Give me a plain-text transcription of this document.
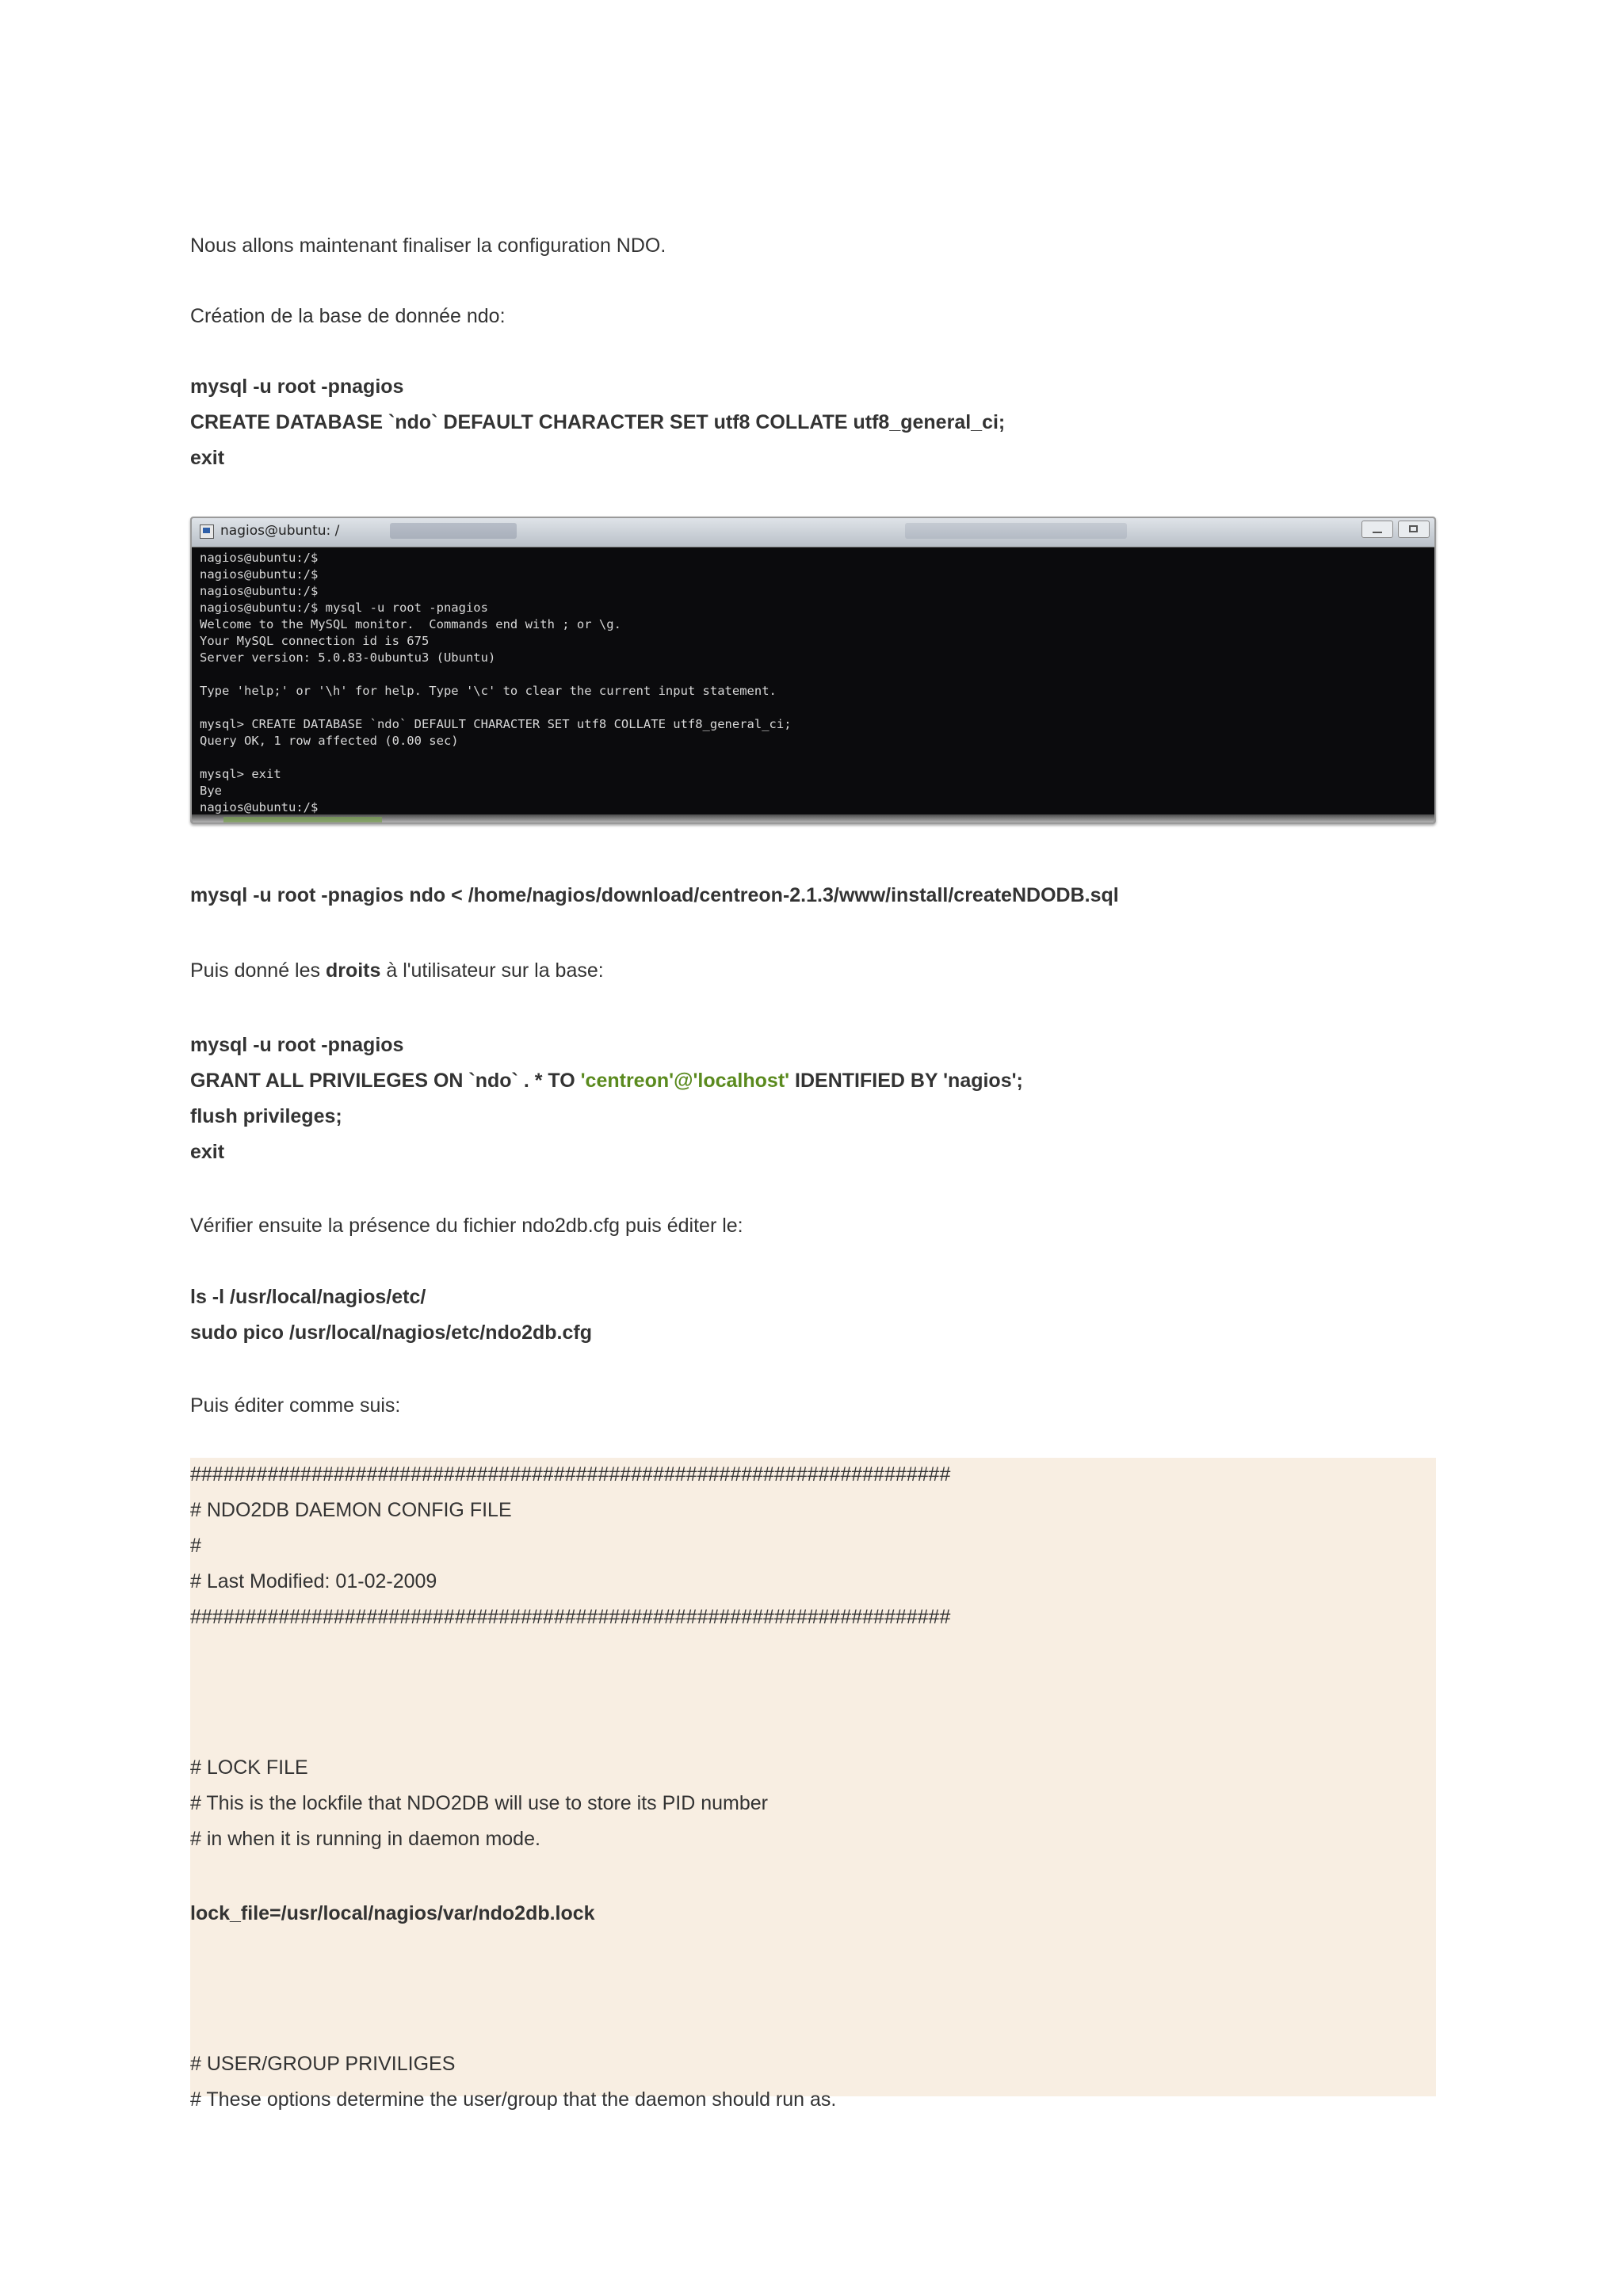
Nous allons maintenant finaliser la configuration NDO.
Création de la base de donnée ndo:
mysql -u root -pnagios
CREATE DATABASE `ndo` DEFAULT CHARACTER SET utf8 COLLATE utf8_general_ci;
exit
nagios@ubuntu: /
nagios@ubuntu:/$
nagios@ubuntu:/$
nagios@ubuntu:/$
nagios@ubuntu:/$ mysql -u root -pnagios
Welcome to the MySQL monitor.  Commands end with ; or \g.
Your MySQL connection id is 675
Server version: 5.0.83-0ubuntu3 (Ubuntu)

Type 'help;' or '\h' for help. Type '\c' to clear the current input statement.

mysql> CREATE DATABASE `ndo` DEFAULT CHARACTER SET utf8 COLLATE utf8_general_ci;
Query OK, 1 row affected (0.00 sec)

mysql> exit
Bye
nagios@ubuntu:/$
mysql -u root -pnagios ndo < /home/nagios/download/centreon-2.1.3/www/install/createNDODB.sql
Puis donné les droits à l'utilisateur sur la base:
mysql -u root -pnagios
GRANT ALL PRIVILEGES ON `ndo` . * TO 'centreon'@'localhost' IDENTIFIED BY 'nagios';
flush privileges;
exit
Vérifier ensuite la présence du fichier ndo2db.cfg puis éditer le:
ls -l /usr/local/nagios/etc/
sudo pico /usr/local/nagios/etc/ndo2db.cfg
Puis éditer comme suis:
#####################################################################
# NDO2DB DAEMON CONFIG FILE
#
# Last Modified: 01-02-2009
#####################################################################
# LOCK FILE
# This is the lockfile that NDO2DB will use to store its PID number
# in when it is running in daemon mode.
lock_file=/usr/local/nagios/var/ndo2db.lock
# USER/GROUP PRIVILIGES
# These options determine the user/group that the daemon should run as.
